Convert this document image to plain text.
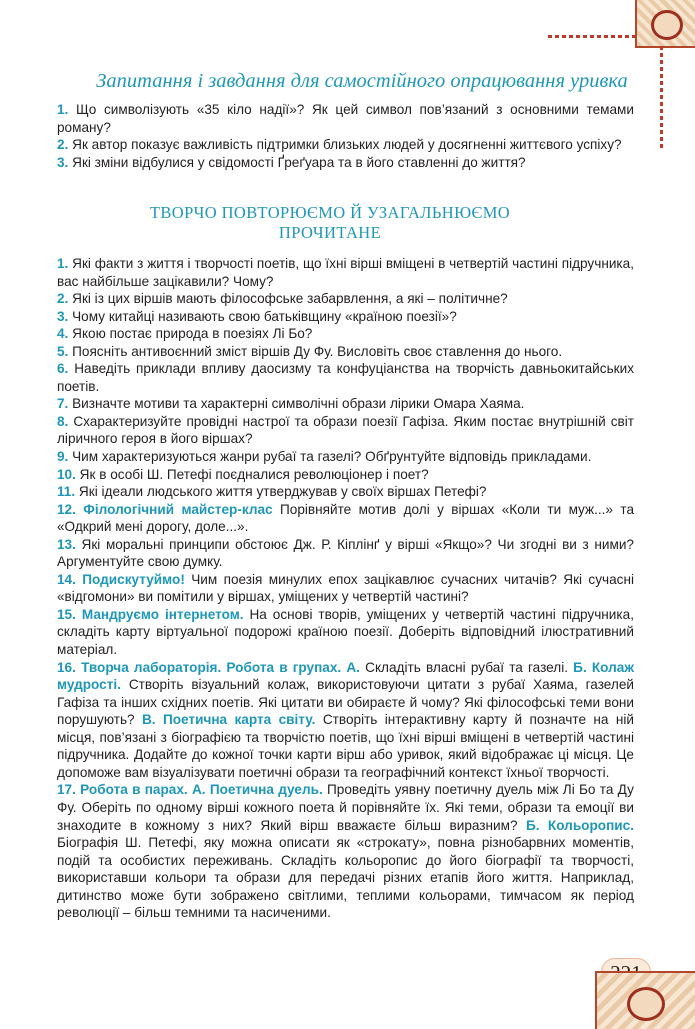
Запитання і завдання для самостійного опрацювання уривка

1. Що символізують «35 кіло надії»? Як цей символ пов’язаний з основними темами роману?

2. Як автор показує важливість підтримки близьких людей у досягненні життєвого успіху?

3. Які зміни відбулися у свідомості Ґреґуара та в його ставленні до життя?

ТВОРЧО ПОВТОРЮЄМО Й УЗАГАЛЬНЮЄМО ПРОЧИТАНЕ

1. Які факти з життя і творчості поетів, що їхні вірші вміщені в четвертій частині підручника, вас найбільше зацікавили? Чому?

2. Які із цих віршів мають філософське забарвлення, а які – політичне?

3. Чому китайці називають свою батьківщину «країною поезії»?

4. Якою постає природа в поезіях Лі Бо?

5. Поясніть антивоєнний зміст віршів Ду Фу. Висловіть своє ставлення до нього.

6. Наведіть приклади впливу даосизму та конфуціанства на творчість давньокитайських поетів.

7. Визначте мотиви та характерні символічні образи лірики Омара Хаяма.

8. Схарактеризуйте провідні настрої та образи поезії Гафіза. Яким постає внутрішній світ ліричного героя в його віршах?

9. Чим характеризуються жанри рубаї та газелі? Обґрунтуйте відповідь прикладами.

10. Як в особі Ш. Петефі поєдналися революціонер і поет?

11. Які ідеали людського життя утверджував у своїх віршах Петефі?

12. Філологічний майстер-клас Порівняйте мотив долі у віршах «Коли ти муж...» та «Одкрий мені дорогу, доле...».

13. Які моральні принципи обстоює Дж. Р. Кіплінґ у вірші «Якщо»? Чи згодні ви з ними? Аргументуйте свою думку.

14. Подискутуймо! Чим поезія минулих епох зацікавлює сучасних читачів? Які сучасні «відгомони» ви помітили у віршах, уміщених у четвертій частині?

15. Мандруємо інтернетом. На основі творів, уміщених у четвертій частині підручника, складіть карту віртуальної подорожі країною поезії. Доберіть відповідний ілюстративний матеріал.

16. Творча лабораторія. Робота в групах. А. Складіть власні рубаї та газелі. Б. Колаж мудрості. Створіть візуальний колаж, використовуючи цитати з рубаї Хаяма, газелей Гафіза та інших східних поетів. Які цитати ви обираєте й чому? Які філософські теми вони порушують? В. Поетична карта світу. Створіть інтерактивну карту й позначте на ній місця, пов’язані з біографією та творчістю поетів, що їхні вірші вміщені в четвертій частині підручника. Додайте до кожної точки карти вірш або уривок, який відображає ці місця. Це допоможе вам візуалізувати поетичні образи та географічний контекст їхньої творчості.

17. Робота в парах. А. Поетична дуель. Проведіть уявну поетичну дуель між Лі Бо та Ду Фу. Оберіть по одному вірші кожного поета й порівняйте їх. Які теми, образи та емоції ви знаходите в кожному з них? Який вірш вважаєте більш виразним? Б. Кольоропис. Біографія Ш. Петефі, яку можна описати як «строкату», повна різнобарвних моментів, подій та особистих переживань. Складіть кольоропис до його біографії та творчості, використавши кольори та образи для передачі різних етапів його життя. Наприклад, дитинство може бути зображено світлими, теплими кольорами, тимчасом як період революції – більш темними та насиченими.
